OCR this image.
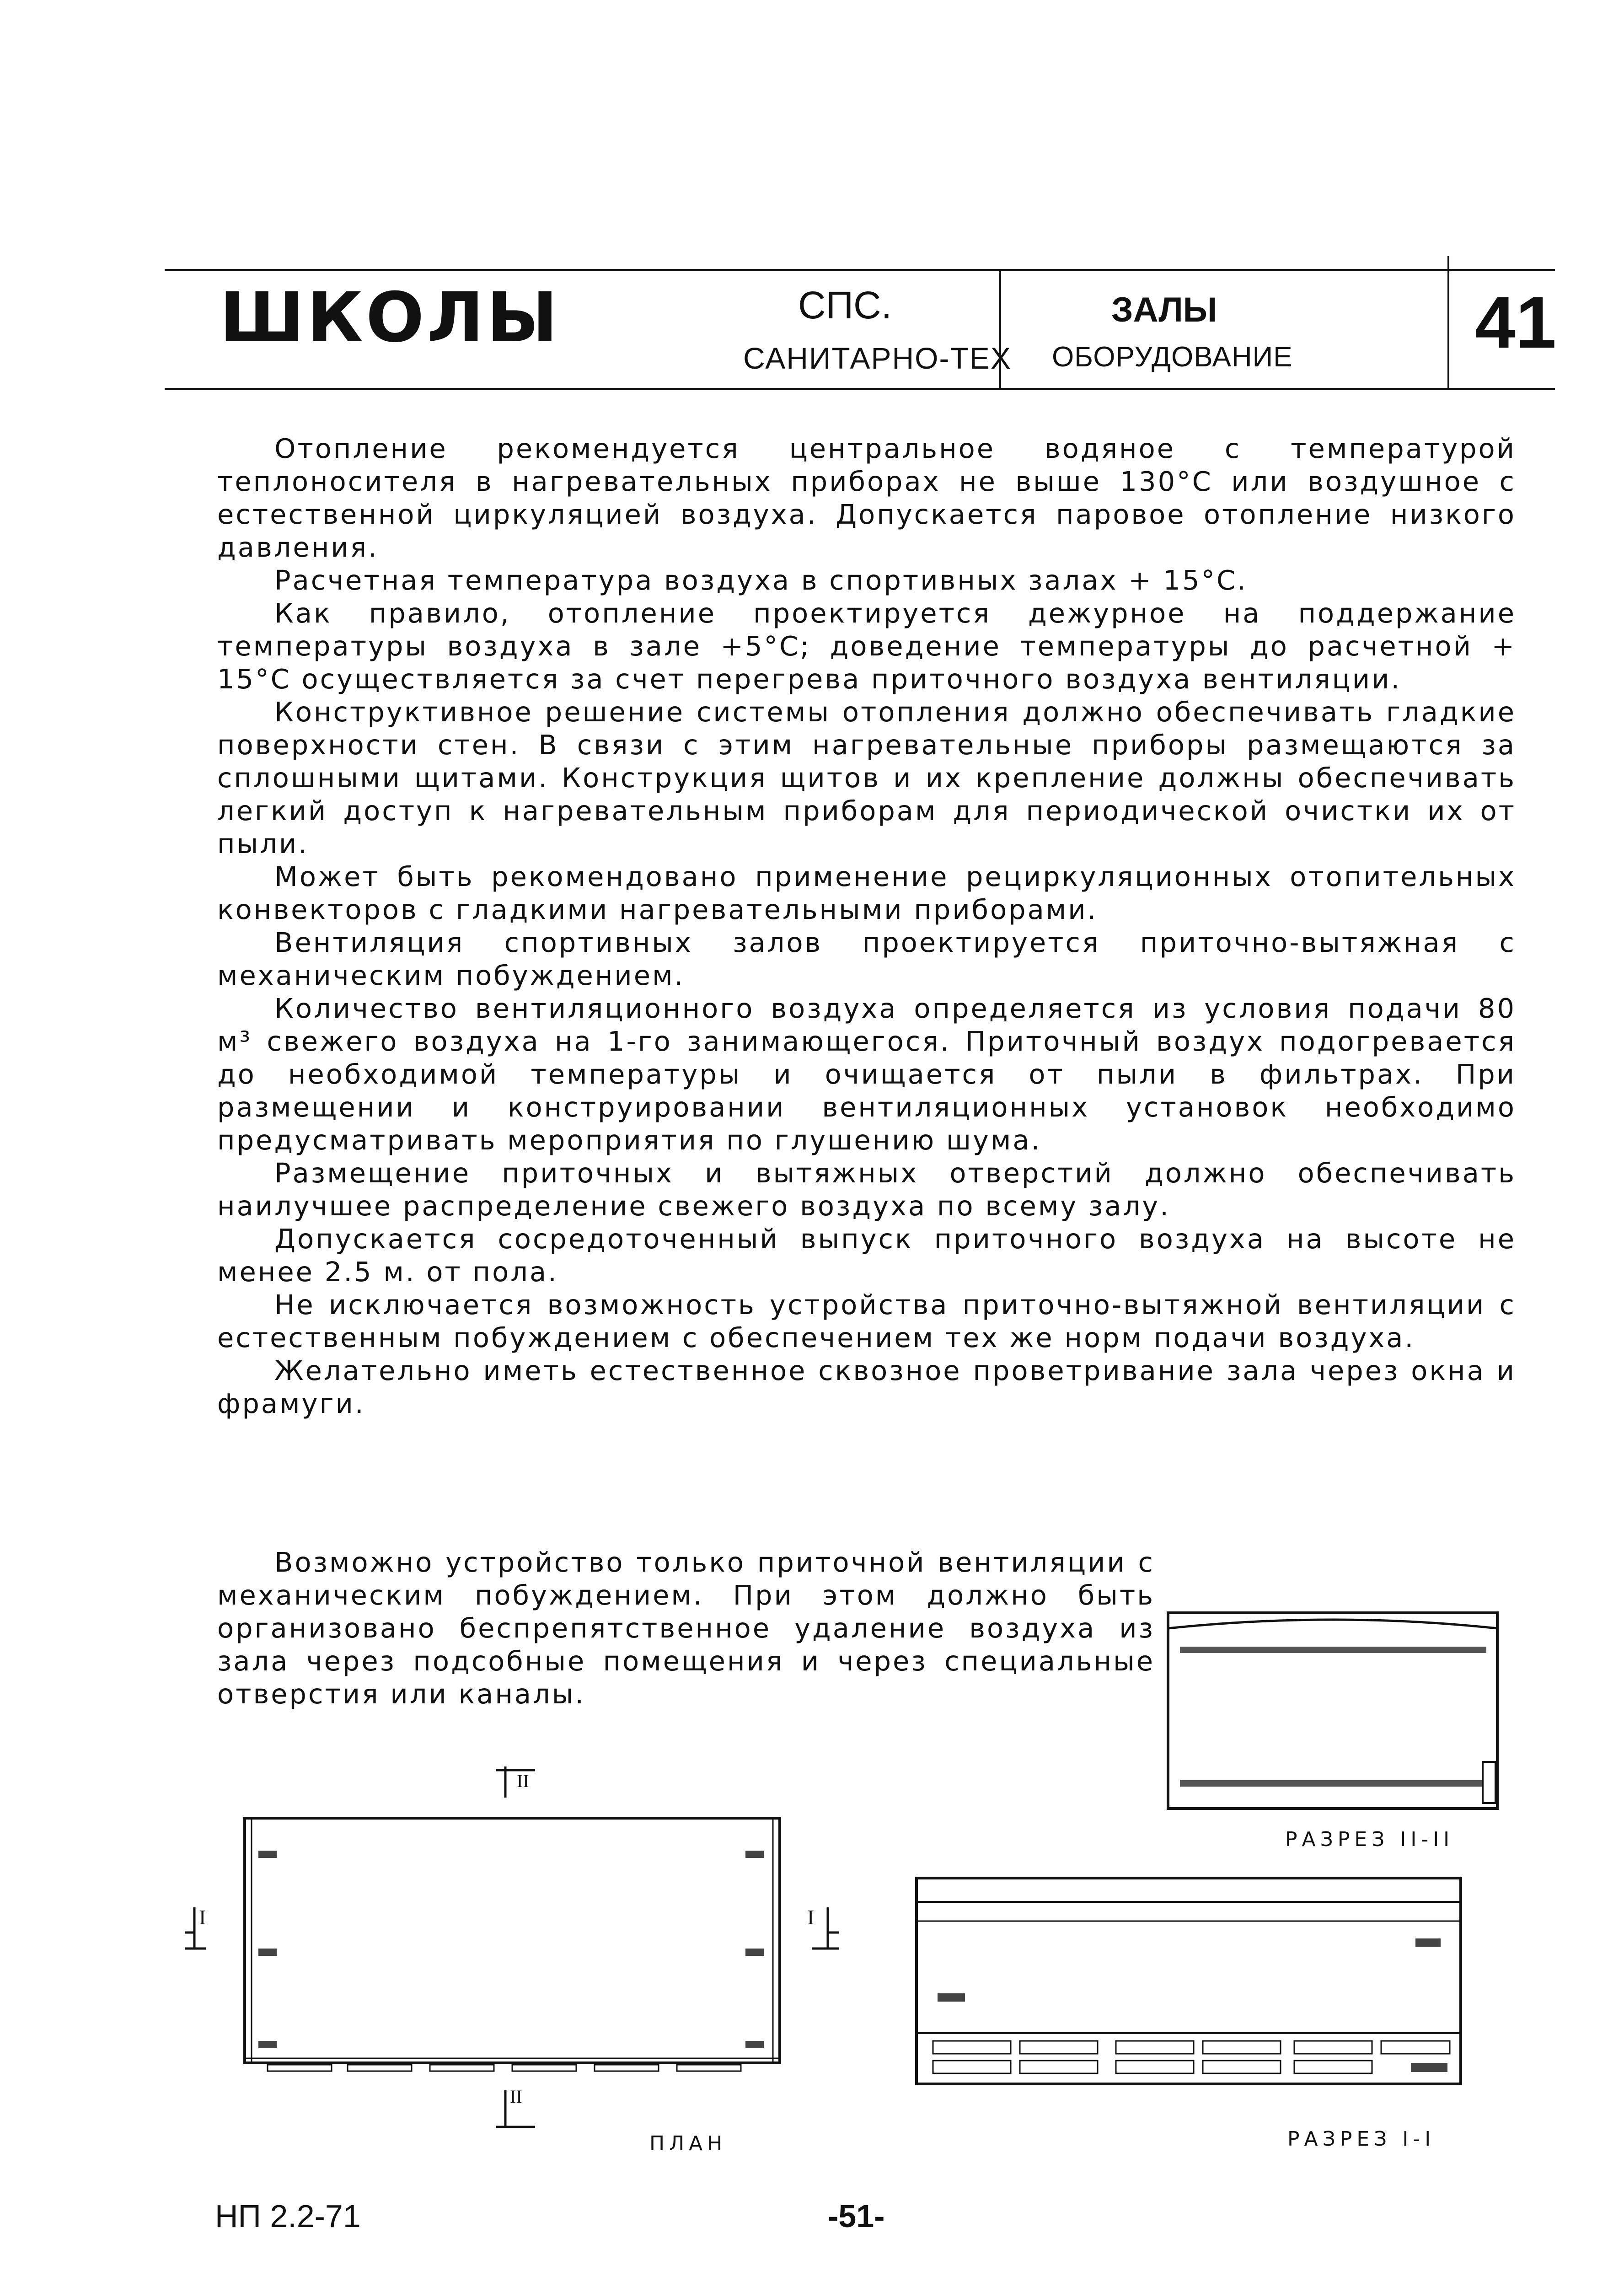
ШКОЛЫ	СПС.
САНИТАРНО-ТЕХ
ЗАЛЫ
ОБОРУДОВАНИЕ 41

Отопление рекомендуется центральное водяное с температурой теплоносителя в нагревательных приборах не выше 130°С или воздушное с естественной циркуляцией воздуха. Допускается паровое отопление низкого давления.

Расчетная температура воздуха в спортивных залах + 15°С.

Как правило, отопление проектируется дежурное на поддержание температуры воздуха в зале +5°С; доведение температуры до расчетной + 15°С осуществляется за счет перегрева приточного воздуха вентиляции.

Конструктивное решение системы отопления должно обеспечивать гладкие поверхности стен. В связи с этим нагревательные приборы размещаются за сплошными щитами. Конструкция щитов и их крепление должны обеспечивать легкий доступ к нагревательным приборам для периодической очистки их от пыли.

Может быть рекомендовано применение рециркуляционных отопительных конвекторов с гладкими нагревательными приборами.

Вентиляция спортивных залов проектируется приточно-вытяжная с механическим побуждением.

Количество вентиляционного воздуха определяется из условия подачи 80 м³ свежего воздуха на 1-го занимающегося. Приточный воздух подогревается до необходимой температуры и очищается от пыли в фильтрах. При размещении и конструировании вентиляционных установок необходимо предусматривать мероприятия по глушению шума.

Размещение приточных и вытяжных отверстий должно обеспечивать наилучшее распределение свежего воздуха по всему залу.

Допускается сосредоточенный выпуск приточного воздуха на высоте не менее 2.5 м. от пола.

Не исключается возможность устройства приточно-вытяжной вентиляции с естественным побуждением с обеспечением тех же норм подачи воздуха.

Желательно иметь естественное сквозное проветривание зала через окна и фрамуги.

Возможно устройство только приточной вентиляции с механическим побуждением. При этом должно быть организовано беспрепятственное удаление воздуха из зала через подсобные помещения и через специальные отверстия или каналы.

РАЗРЕЗ II-II
II
I	I
II
ПЛАН	РАЗРЕЗ I-I
НП 2.2-71	-51-
